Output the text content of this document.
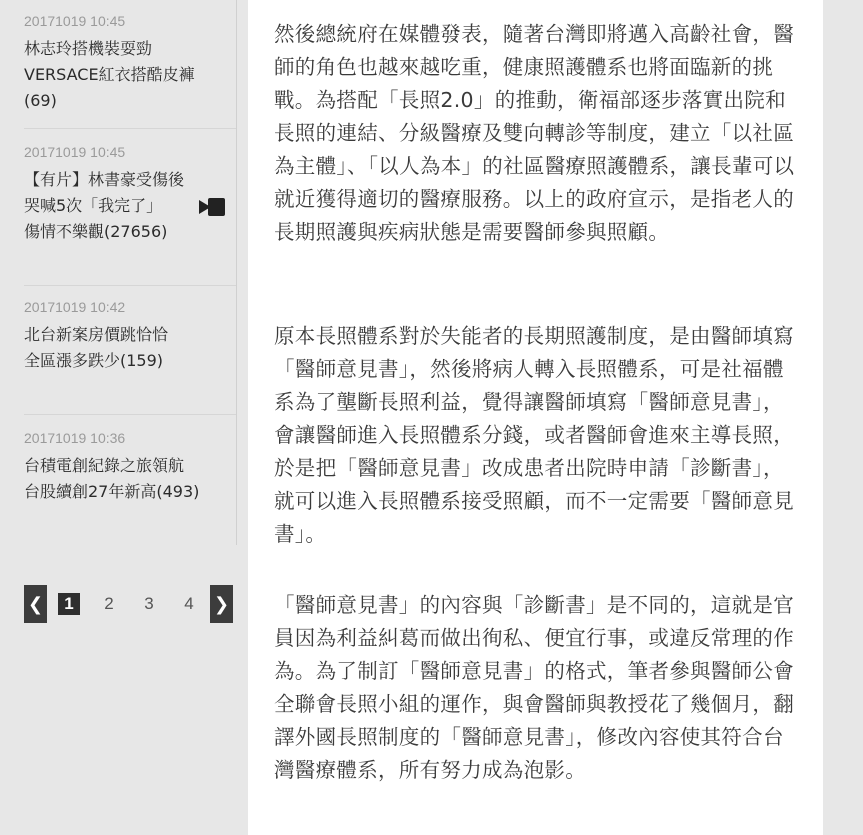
20171019 10:45
林志玲搭機裝耍勁 VERSACE紅衣搭酷皮褲(69)
20171019 10:45
【有片】林書豪受傷後哭喊5次「我完了」　傷情不樂觀(27656)
20171019 10:42
北台新案房價跳恰恰　全區漲多跌少(159)
20171019 10:36
台積電創紀錄之旅領航　台股續創27年新高(493)
❮	1	2	3	4	❯

然後總統府在媒體發表，隨著台灣即將邁入高齡社會，醫師的角色也越來越吃重，健康照護體系也將面臨新的挑戰。為搭配「長照2.0」的推動，衛福部逐步落實出院和長照的連結、分級醫療及雙向轉診等制度，建立「以社區為主體」、「以人為本」的社區醫療照護體系，讓長輩可以就近獲得適切的醫療服務。以上的政府宣示，是指老人的長期照護與疾病狀態是需要醫師參與照顧。

原本長照體系對於失能者的長期照護制度，是由醫師填寫「醫師意見書」，然後將病人轉入長照體系，可是社福體系為了壟斷長照利益，覺得讓醫師填寫「醫師意見書」，會讓醫師進入長照體系分錢，或者醫師會進來主導長照，於是把「醫師意見書」改成患者出院時申請「診斷書」，就可以進入長照體系接受照顧，而不一定需要「醫師意見書」。

「醫師意見書」的內容與「診斷書」是不同的，這就是官員因為利益糾葛而做出徇私、便宜行事，或違反常理的作為。為了制訂「醫師意見書」的格式，筆者參與醫師公會全聯會長照小組的運作，與會醫師與教授花了幾個月，翻譯外國長照制度的「醫師意見書」，修改內容使其符合台灣醫療體系，所有努力成為泡影。
